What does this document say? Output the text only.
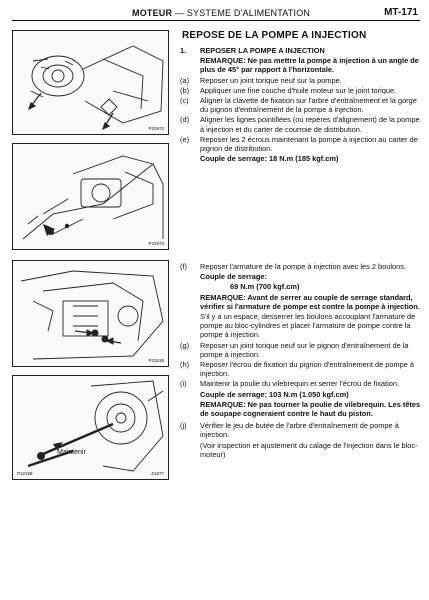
MOTEUR — SYSTEME D'ALIMENTATION	MT-171
P22972
P22973
P22618
Maintenir
P12198	Z1577
REPOSE DE LA POMPE A INJECTION
1. REPOSER LA POMPE A INJECTION
REMARQUE: Ne pas mettre la pompe à injection à un angle de plus de 45° par rapport à l'horizontale.
(a) Reposer un joint torique neuf sur la pompe.
(b) Appliquer une fine couche d'huile moteur sur le joint torique.
(c) Aligner la clavette de fixation sur l'arbre d'entraînement et la gorge du pignon d'entraînement de la pompe à injection.
(d) Aligner les lignes pointillées (ou repères d'alignement) de la pompe à injection et du carter de courroie de distribution.
(e) Reposer les 2 écrous maintenant la pompe à injection au carter de pignon de distribution.
Couple de serrage: 18 N.m (185 kgf.cm)
(f) Reposer l'armature de la pompe à injection avec les 2 boulons.
Couple de serrage:
69 N.m (700 kgf.cm)
REMARQUE: Avant de serrer au couple de serrage standard, vérifier si l'armature de pompe est contre la pompe à injection.
S'il y a un espace, desserrer les boulons accouplant l'armature de pompe au bloc-cylindres et placer l'armature de pompe contre la pompe à injection.
(g) Reposer un joint torique neuf sur le pignon d'entraînement de la pompe à injection.
(h) Reposer l'écrou de fixation du pignon d'entraînement de pompe à injection.
(i) Maintenir la poulie du vilebrequin et serrer l'écrou de fixation.
Couple de serrage: 103 N.m (1.050 kgf.cm)
REMARQUE: Ne pas tourner la poulie de vilebrequin. Les têtes de soupape cogneraient contre le haut du piston.
(j) Vérifier le jeu de butée de l'arbre d'entraînement de pompe à injection.
(Voir inspection et ajustement du calage de l'injection dans le bloc-moteur)
